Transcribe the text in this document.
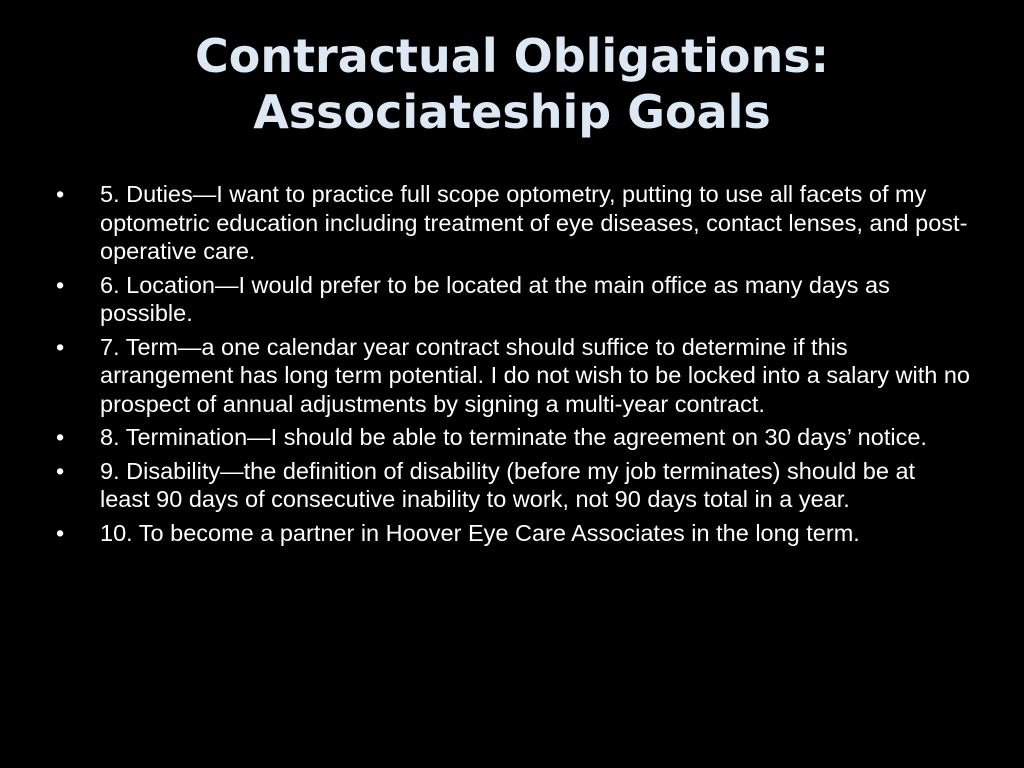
Contractual Obligations:
Associateship Goals
•	5. Duties—I want to practice full scope optometry, putting to use all facets of my optometric education including treatment of eye diseases, contact lenses, and post-operative care.
•	6. Location—I would prefer to be located at the main office as many days as possible.
•	7. Term—a one calendar year contract should suffice to determine if this arrangement has long term potential. I do not wish to be locked into a salary with no prospect of annual adjustments by signing a multi-year contract.
•	8. Termination—I should be able to terminate the agreement on 30 days’ notice.
•	9. Disability—the definition of disability (before my job terminates) should be at least 90 days of consecutive inability to work, not 90 days total in a year.
•	10. To become a partner in Hoover Eye Care Associates in the long term.
